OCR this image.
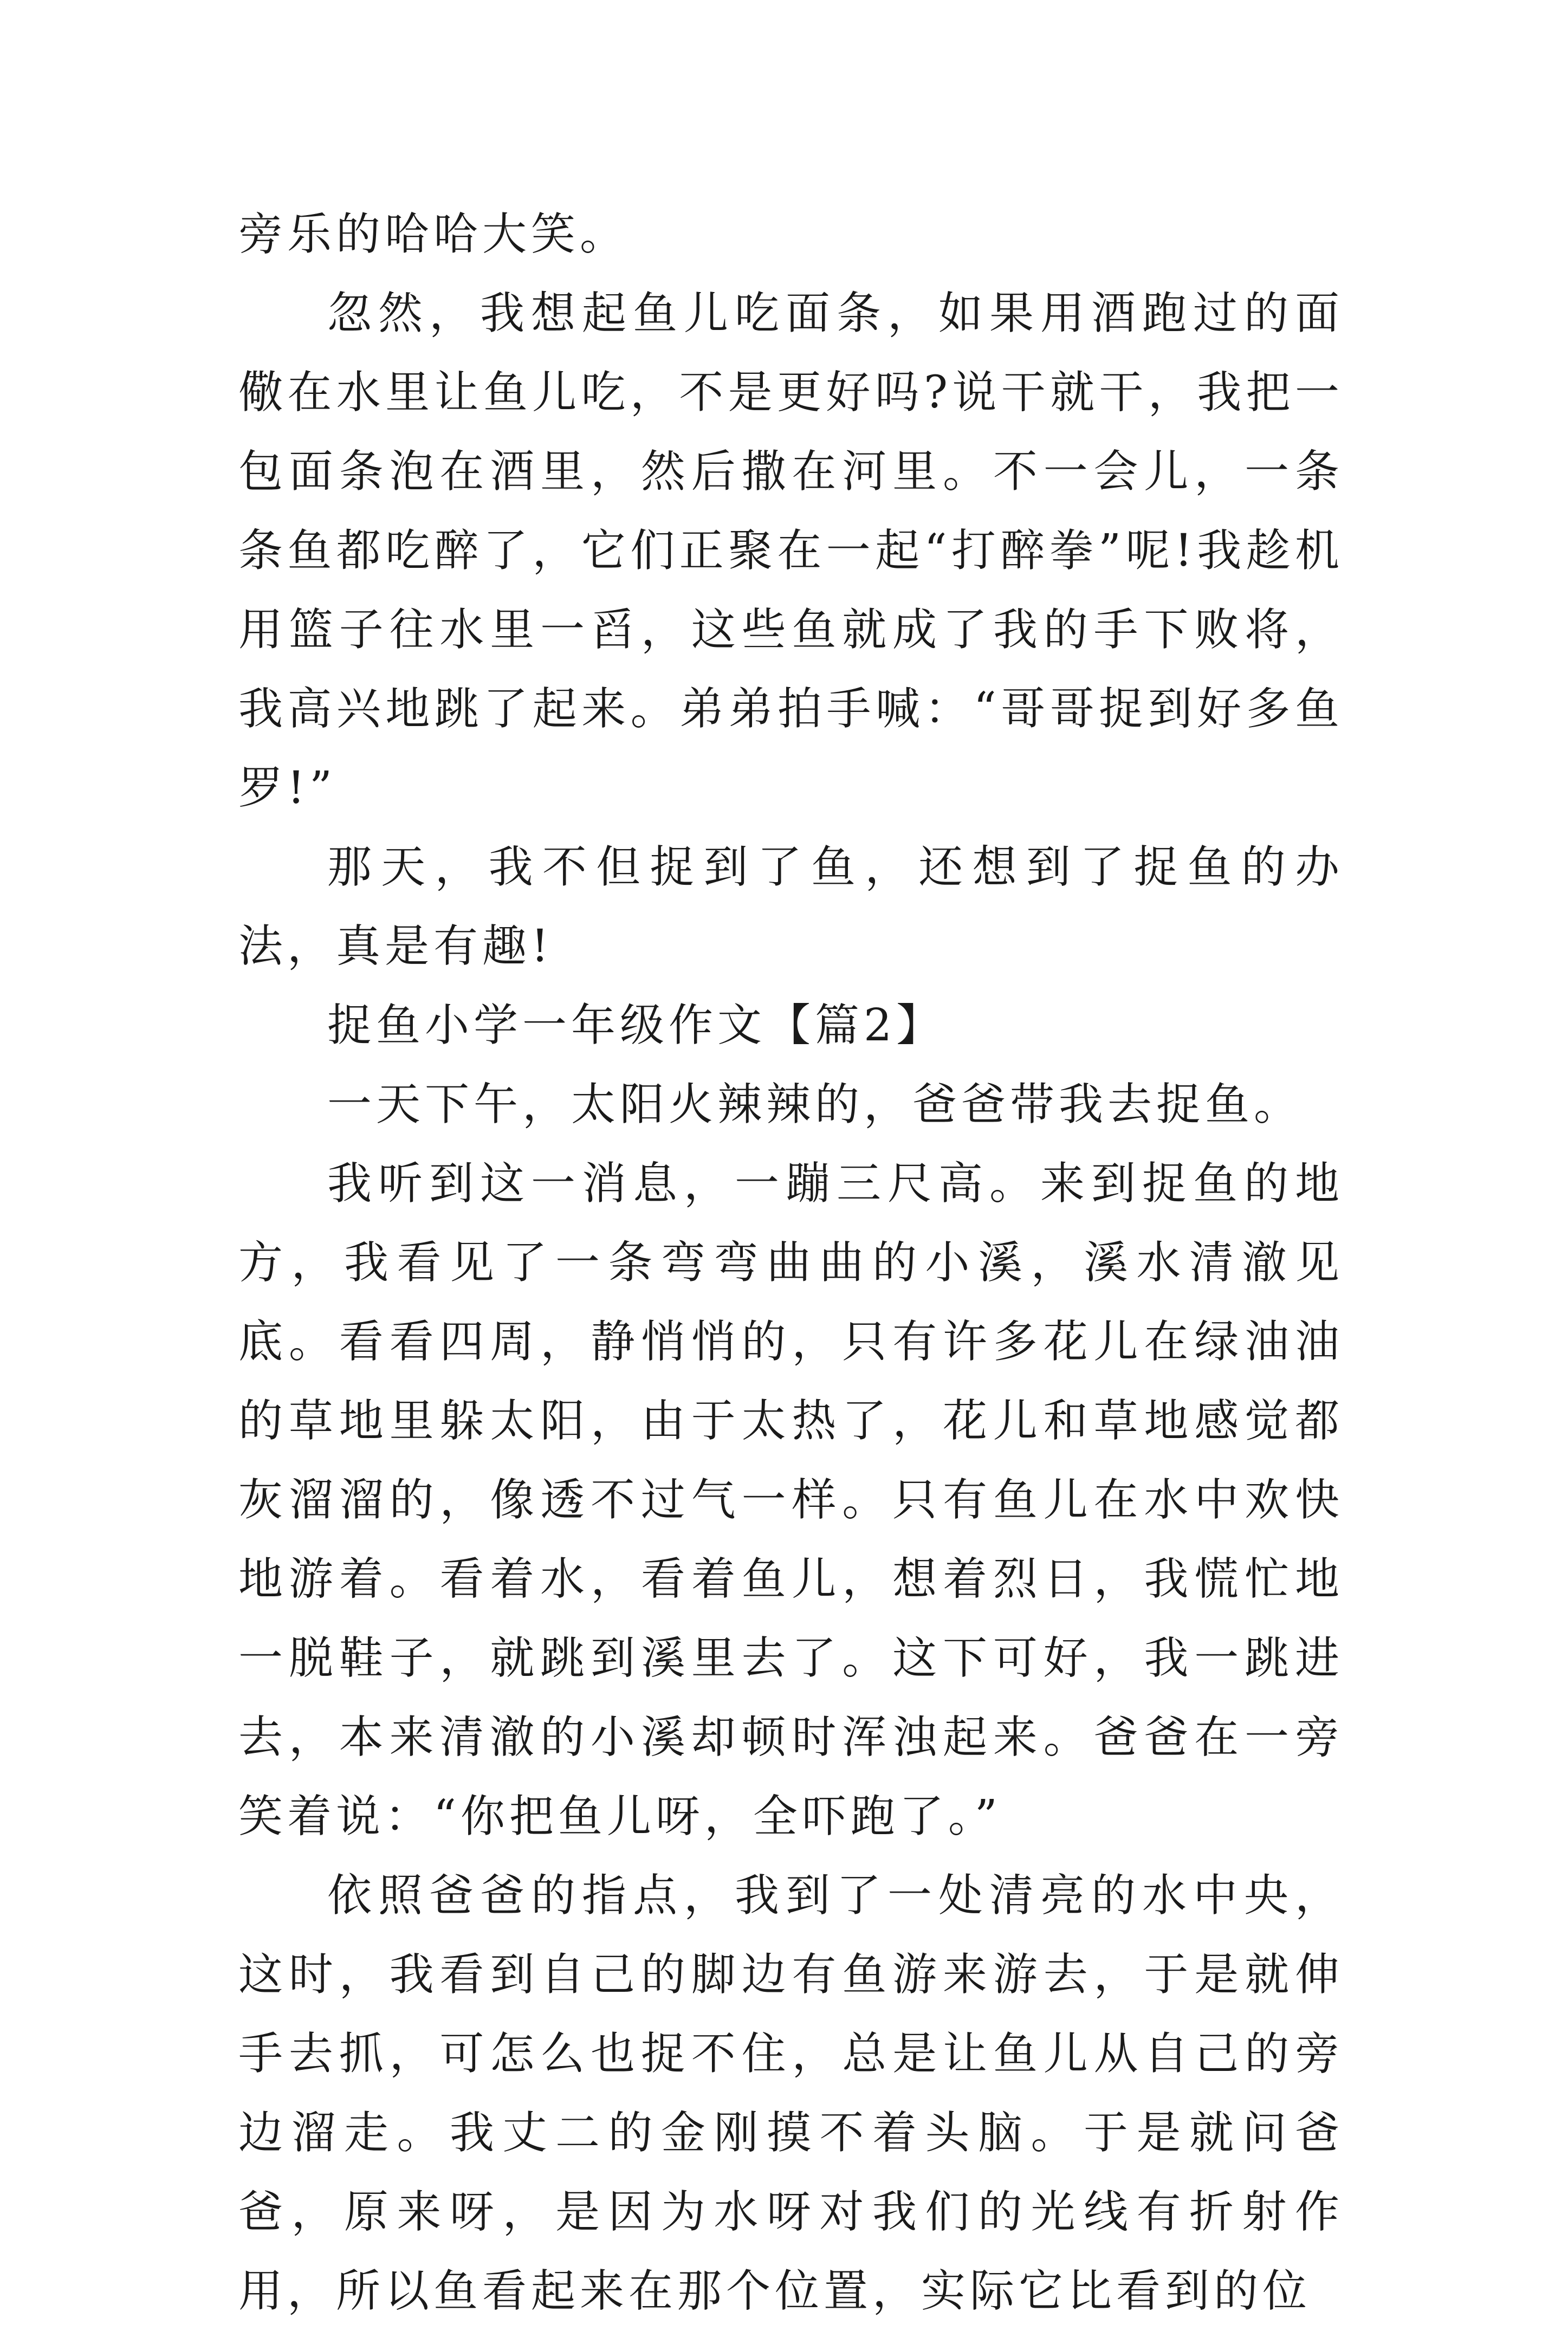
旁乐的哈哈大笑。

忽然，我想起鱼儿吃面条，如果用酒跑过的面儆在水里让鱼儿吃，不是更好吗?说干就干，我把一包面条泡在酒里，然后撒在河里。不一会儿，一条条鱼都吃醉了，它们正聚在一起“打醉拳”呢!我趁机用篮子往水里一舀，这些鱼就成了我的手下败将，我高兴地跳了起来。弟弟拍手喊：“哥哥捉到好多鱼罗!”

那天，我不但捉到了鱼，还想到了捉鱼的办法，真是有趣!

捉鱼小学一年级作文【篇2】

一天下午，太阳火辣辣的，爸爸带我去捉鱼。

我听到这一消息，一蹦三尺高。来到捉鱼的地方，我看见了一条弯弯曲曲的小溪，溪水清澈见底。看看四周，静悄悄的，只有许多花儿在绿油油的草地里躲太阳，由于太热了，花儿和草地感觉都灰溜溜的，像透不过气一样。只有鱼儿在水中欢快地游着。看着水，看着鱼儿，想着烈日，我慌忙地一脱鞋子，就跳到溪里去了。这下可好，我一跳进去，本来清澈的小溪却顿时浑浊起来。爸爸在一旁笑着说：“你把鱼儿呀，全吓跑了。”

依照爸爸的指点，我到了一处清亮的水中央，这时，我看到自己的脚边有鱼游来游去，于是就伸手去抓，可怎么也捉不住，总是让鱼儿从自己的旁边溜走。我丈二的金刚摸不着头脑。于是就问爸爸，原来呀，是因为水呀对我们的光线有折射作用，所以鱼看起来在那个位置，实际它比看到的位
